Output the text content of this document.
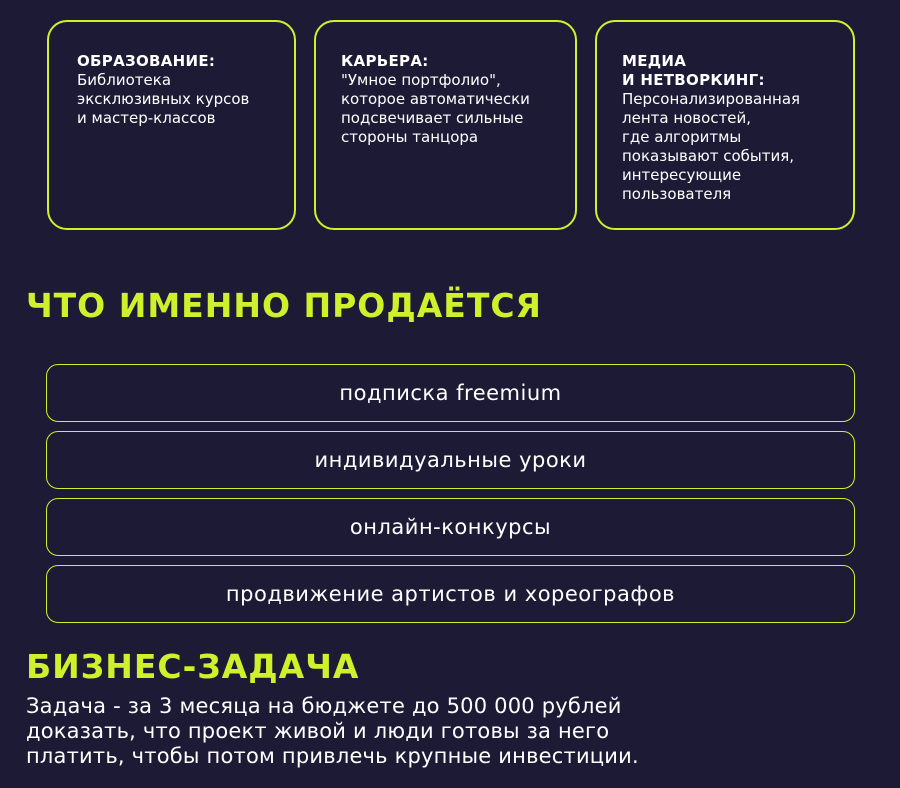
ОБРАЗОВАНИЕ:
Библиотека
эксклюзивных курсов
и мастер-классов
КАРЬЕРА:
"Умное портфолио",
которое автоматически
подсвечивает сильные
стороны танцора
МЕДИА
И НЕТВОРКИНГ:
Персонализированная
лента новостей,
где алгоритмы
показывают события,
интересующие
пользователя
ЧТО ИМЕННО ПРОДАЁТСЯ
подписка freemium
индивидуальные уроки
онлайн-конкурсы
продвижение артистов и хореографов
БИЗНЕС-ЗАДАЧА
Задача - за 3 месяца на бюджете до 500 000 рублей
доказать, что проект живой и люди готовы за него
платить, чтобы потом привлечь крупные инвестиции.
